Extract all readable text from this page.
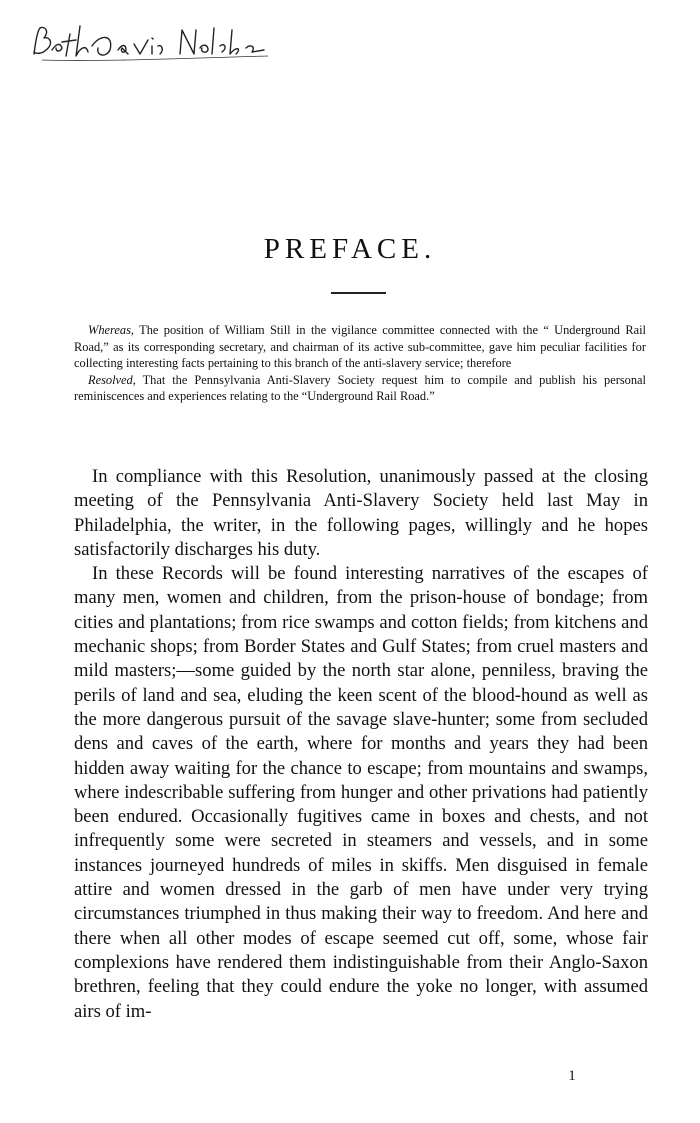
PREFACE.

Whereas, The position of William Still in the vigilance committee connected with the “ Underground Rail Road,” as its corresponding secretary, and chairman of its active sub-committee, gave him peculiar facilities for collecting interesting facts pertaining to this branch of the anti-slavery service; therefore

Resolved, That the Pennsylvania Anti-Slavery Society request him to compile and publish his personal reminiscences and experiences relating to the “Underground Rail Road.”

In compliance with this Resolution, unanimously passed at the closing meeting of the Pennsylvania Anti-Slavery Society held last May in Philadelphia, the writer, in the following pages, willingly and he hopes satisfactorily discharges his duty.

In these Records will be found interesting narratives of the escapes of many men, women and children, from the prison-house of bondage; from cities and plantations; from rice swamps and cotton fields; from kitchens and mechanic shops; from Border States and Gulf States; from cruel masters and mild masters;—some guided by the north star alone, penniless, braving the perils of land and sea, eluding the keen scent of the blood-hound as well as the more dangerous pursuit of the savage slave-hunter; some from secluded dens and caves of the earth, where for months and years they had been hidden away waiting for the chance to escape; from mountains and swamps, where indescribable suffering from hunger and other privations had patiently been endured. Occasionally fugitives came in boxes and chests, and not infrequently some were secreted in steamers and vessels, and in some instances journeyed hundreds of miles in skiffs. Men disguised in female attire and women dressed in the garb of men have under very trying circumstances triumphed in thus making their way to freedom. And here and there when all other modes of escape seemed cut off, some, whose fair complexions have rendered them indistinguishable from their Anglo-Saxon brethren, feeling that they could endure the yoke no longer, with assumed airs of im-

1
